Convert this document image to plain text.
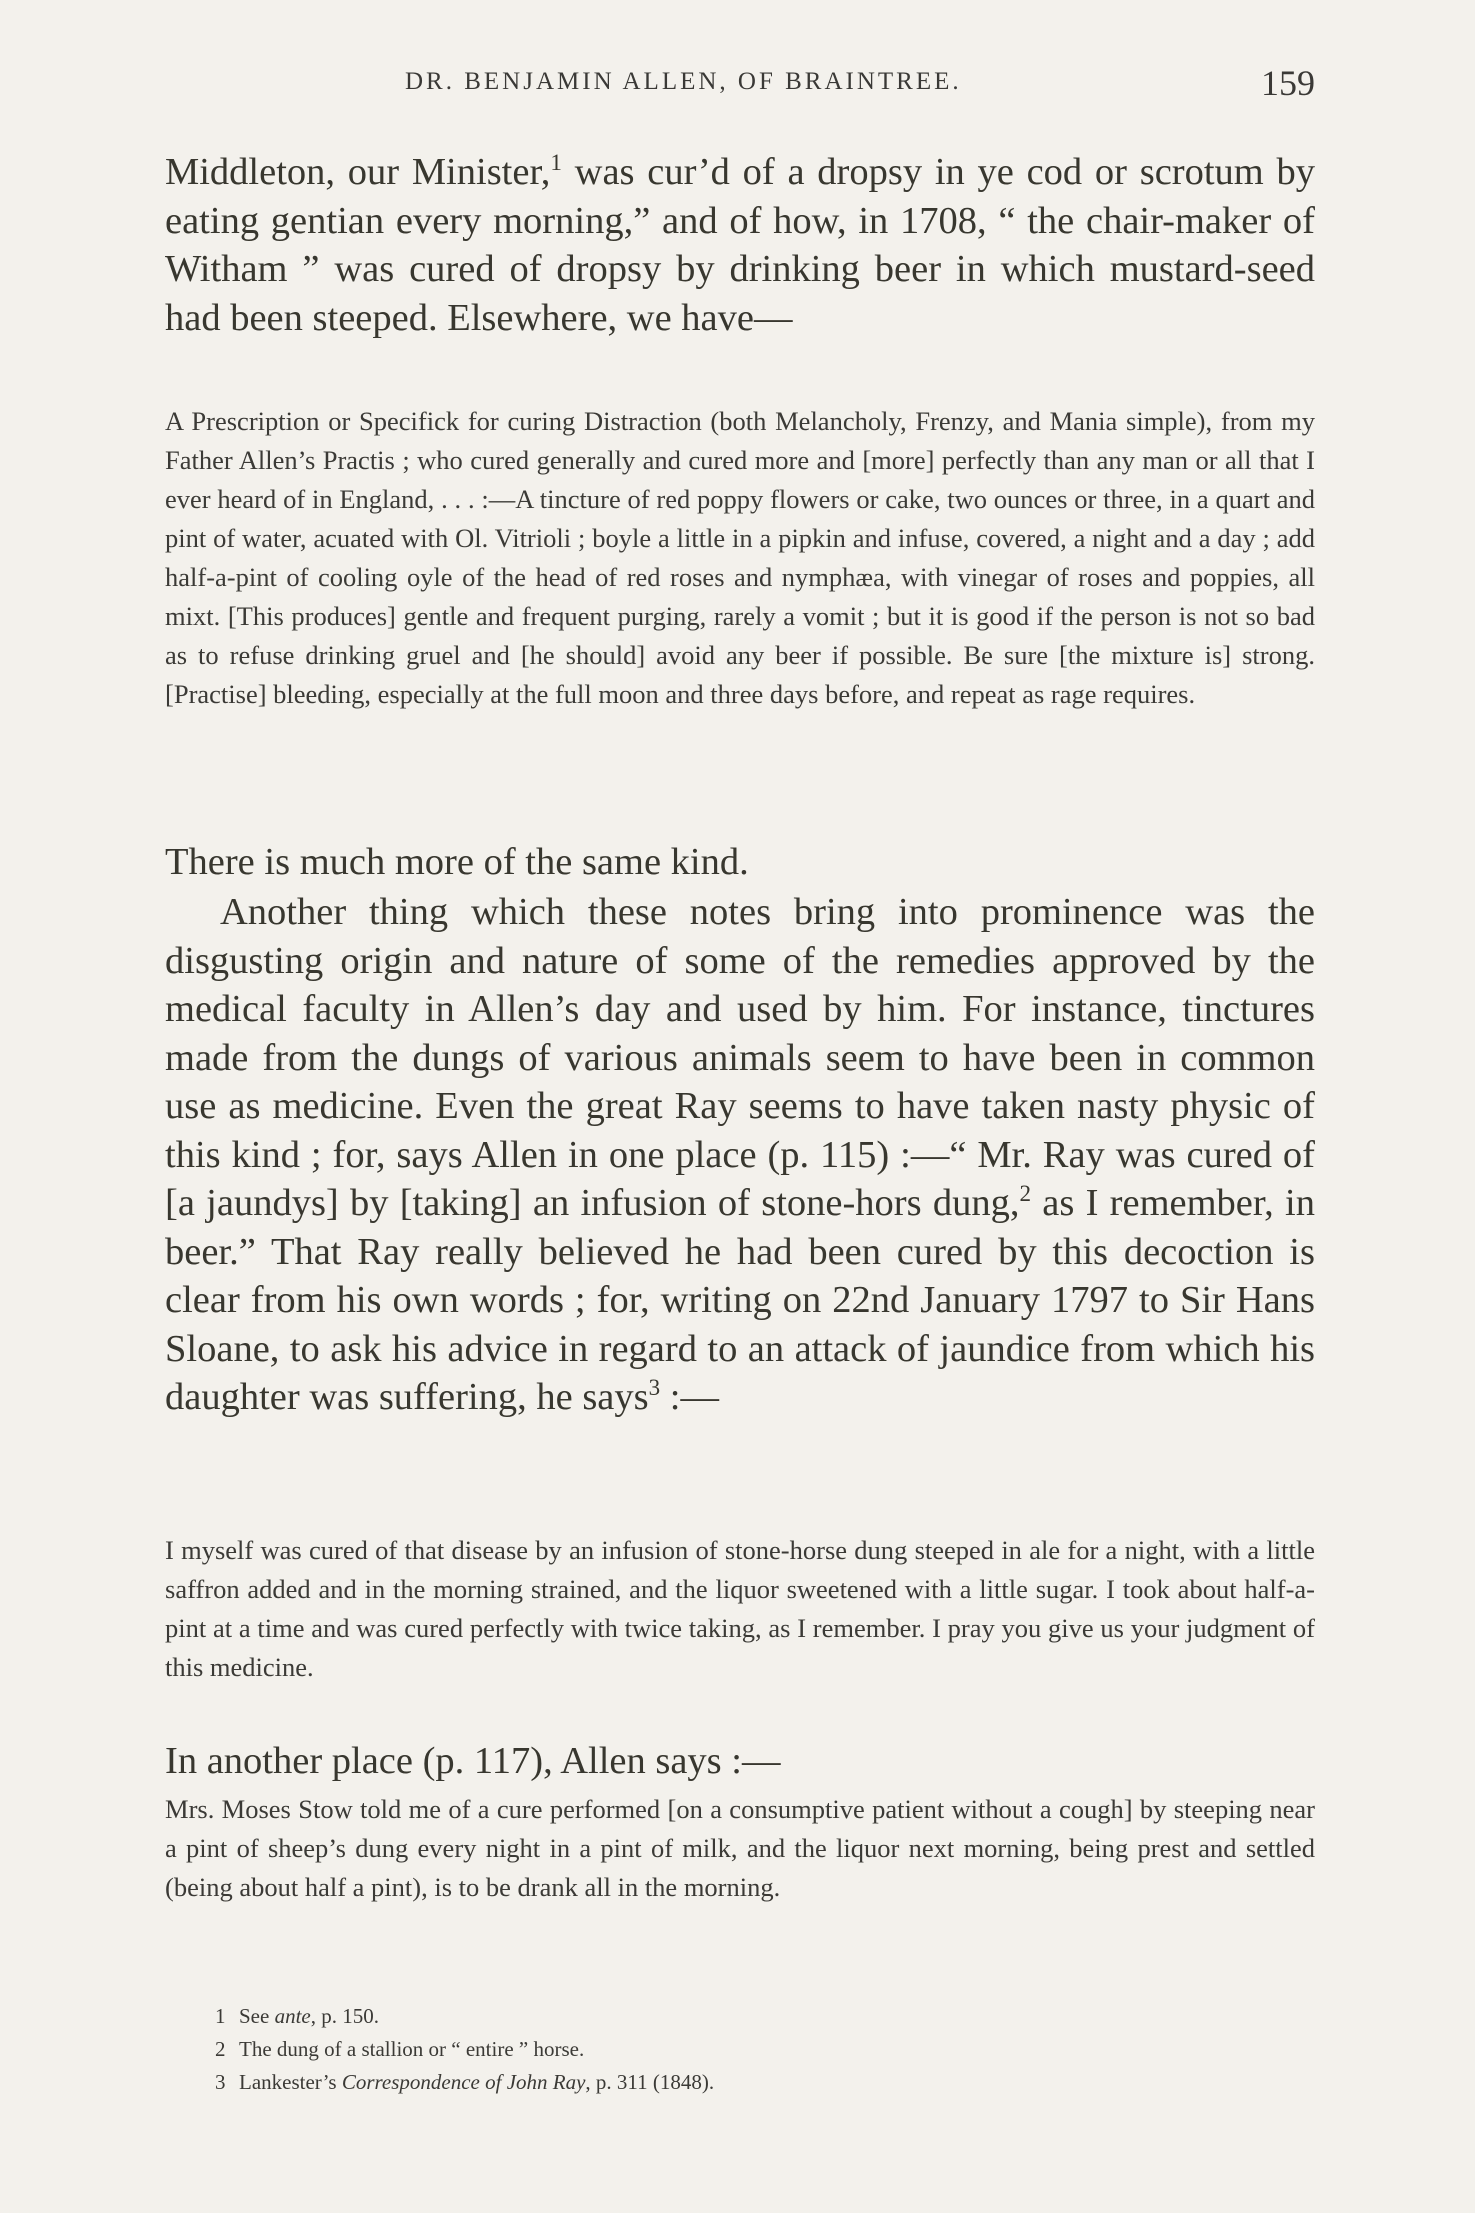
DR. BENJAMIN ALLEN, OF BRAINTREE.	159

Middleton, our Minister,$^1$ was cur’d of a dropsy in ye cod or scrotum by eating gentian every morning,” and of how, in 1708, “ the chair-maker of Witham ” was cured of dropsy by drinking beer in which mustard-seed had been steeped. Elsewhere, we have—

A Prescription or Specifick for curing Distraction (both Melancholy, Frenzy, and Mania simple), from my Father Allen’s Practis ; who cured generally and cured more and [more] perfectly than any man or all that I ever heard of in England, . . . :—A tincture of red poppy flowers or cake, two ounces or three, in a quart and pint of water, acuated with Ol. Vitrioli ; boyle a little in a pipkin and infuse, covered, a night and a day ; add half-a-pint of cooling oyle of the head of red roses and nymphæa, with vinegar of roses and poppies, all mixt. [This produces] gentle and frequent purging, rarely a vomit ; but it is good if the person is not so bad as to refuse drinking gruel and [he should] avoid any beer if possible. Be sure [the mixture is] strong. [Practise] bleeding, especially at the full moon and three days before, and repeat as rage requires.

There is much more of the same kind.

Another thing which these notes bring into prominence was the disgusting origin and nature of some of the remedies approved by the medical faculty in Allen’s day and used by him. For instance, tinctures made from the dungs of various animals seem to have been in common use as medicine. Even the great Ray seems to have taken nasty physic of this kind ; for, says Allen in one place (p. 115) :—“ Mr. Ray was cured of [a jaundys] by [taking] an infusion of stone-hors dung,$^2$ as I remember, in beer.” That Ray really believed he had been cured by this decoction is clear from his own words ; for, writing on 22nd January 1797 to Sir Hans Sloane, to ask his advice in regard to an attack of jaundice from which his daughter was suffering, he says$^3$ :—

I myself was cured of that disease by an infusion of stone-horse dung steeped in ale for a night, with a little saffron added and in the morning strained, and the liquor sweetened with a little sugar. I took about half-a-pint at a time and was cured perfectly with twice taking, as I remember. I pray you give us your judgment of this medicine.

In another place (p. 117), Allen says :—

Mrs. Moses Stow told me of a cure performed [on a consumptive patient without a cough] by steeping near a pint of sheep’s dung every night in a pint of milk, and the liquor next morning, being prest and settled (being about half a pint), is to be drank all in the morning.

1 See ante, p. 150.

2 The dung of a stallion or “ entire ” horse.

3 Lankester’s Correspondence of John Ray, p. 311 (1848).
